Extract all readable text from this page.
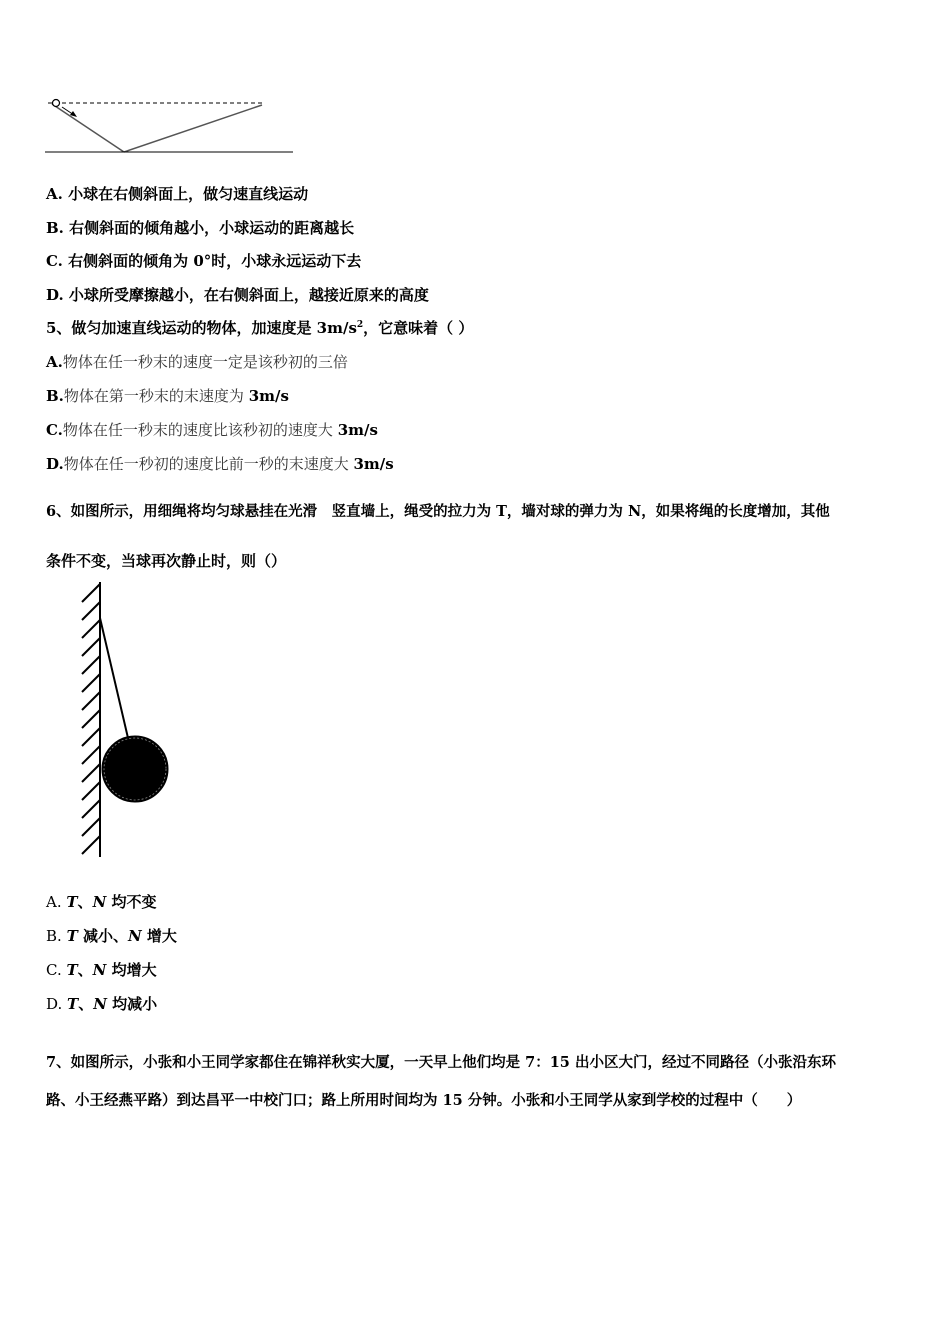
A. 小球在右侧斜面上，做匀速直线运动
B. 右侧斜面的倾角越小，小球运动的距离越长
C. 右侧斜面的倾角为 0°时，小球永远运动下去
D. 小球所受摩擦越小，在右侧斜面上，越接近原来的高度
5、做匀加速直线运动的物体，加速度是 $3m/s^2$，它意味着（ ）
A.物体在任一秒末的速度一定是该秒初的三倍
B.物体在第一秒末的末速度为 3m/s
C.物体在任一秒末的速度比该秒初的速度大 3m/s
D.物体在任一秒初的速度比前一秒的末速度大 3m/s
6、如图所示，用细绳将均匀球悬挂在光滑　竖直墙上，绳受的拉力为 T，墙对球的弹力为 N，如果将绳的长度增加，其他
条件不变，当球再次静止时，则（）
A. T、N 均不变
B. T 减小、N 增大
C. T、N 均增大
D. T、N 均减小
7、如图所示，小张和小王同学家都住在锦祥秋实大厦，一天早上他们均是 7：15 出小区大门，经过不同路径（小张沿东环
路、小王经燕平路）到达昌平一中校门口；路上所用时间均为 15 分钟。小张和小王同学从家到学校的过程中（　　）
